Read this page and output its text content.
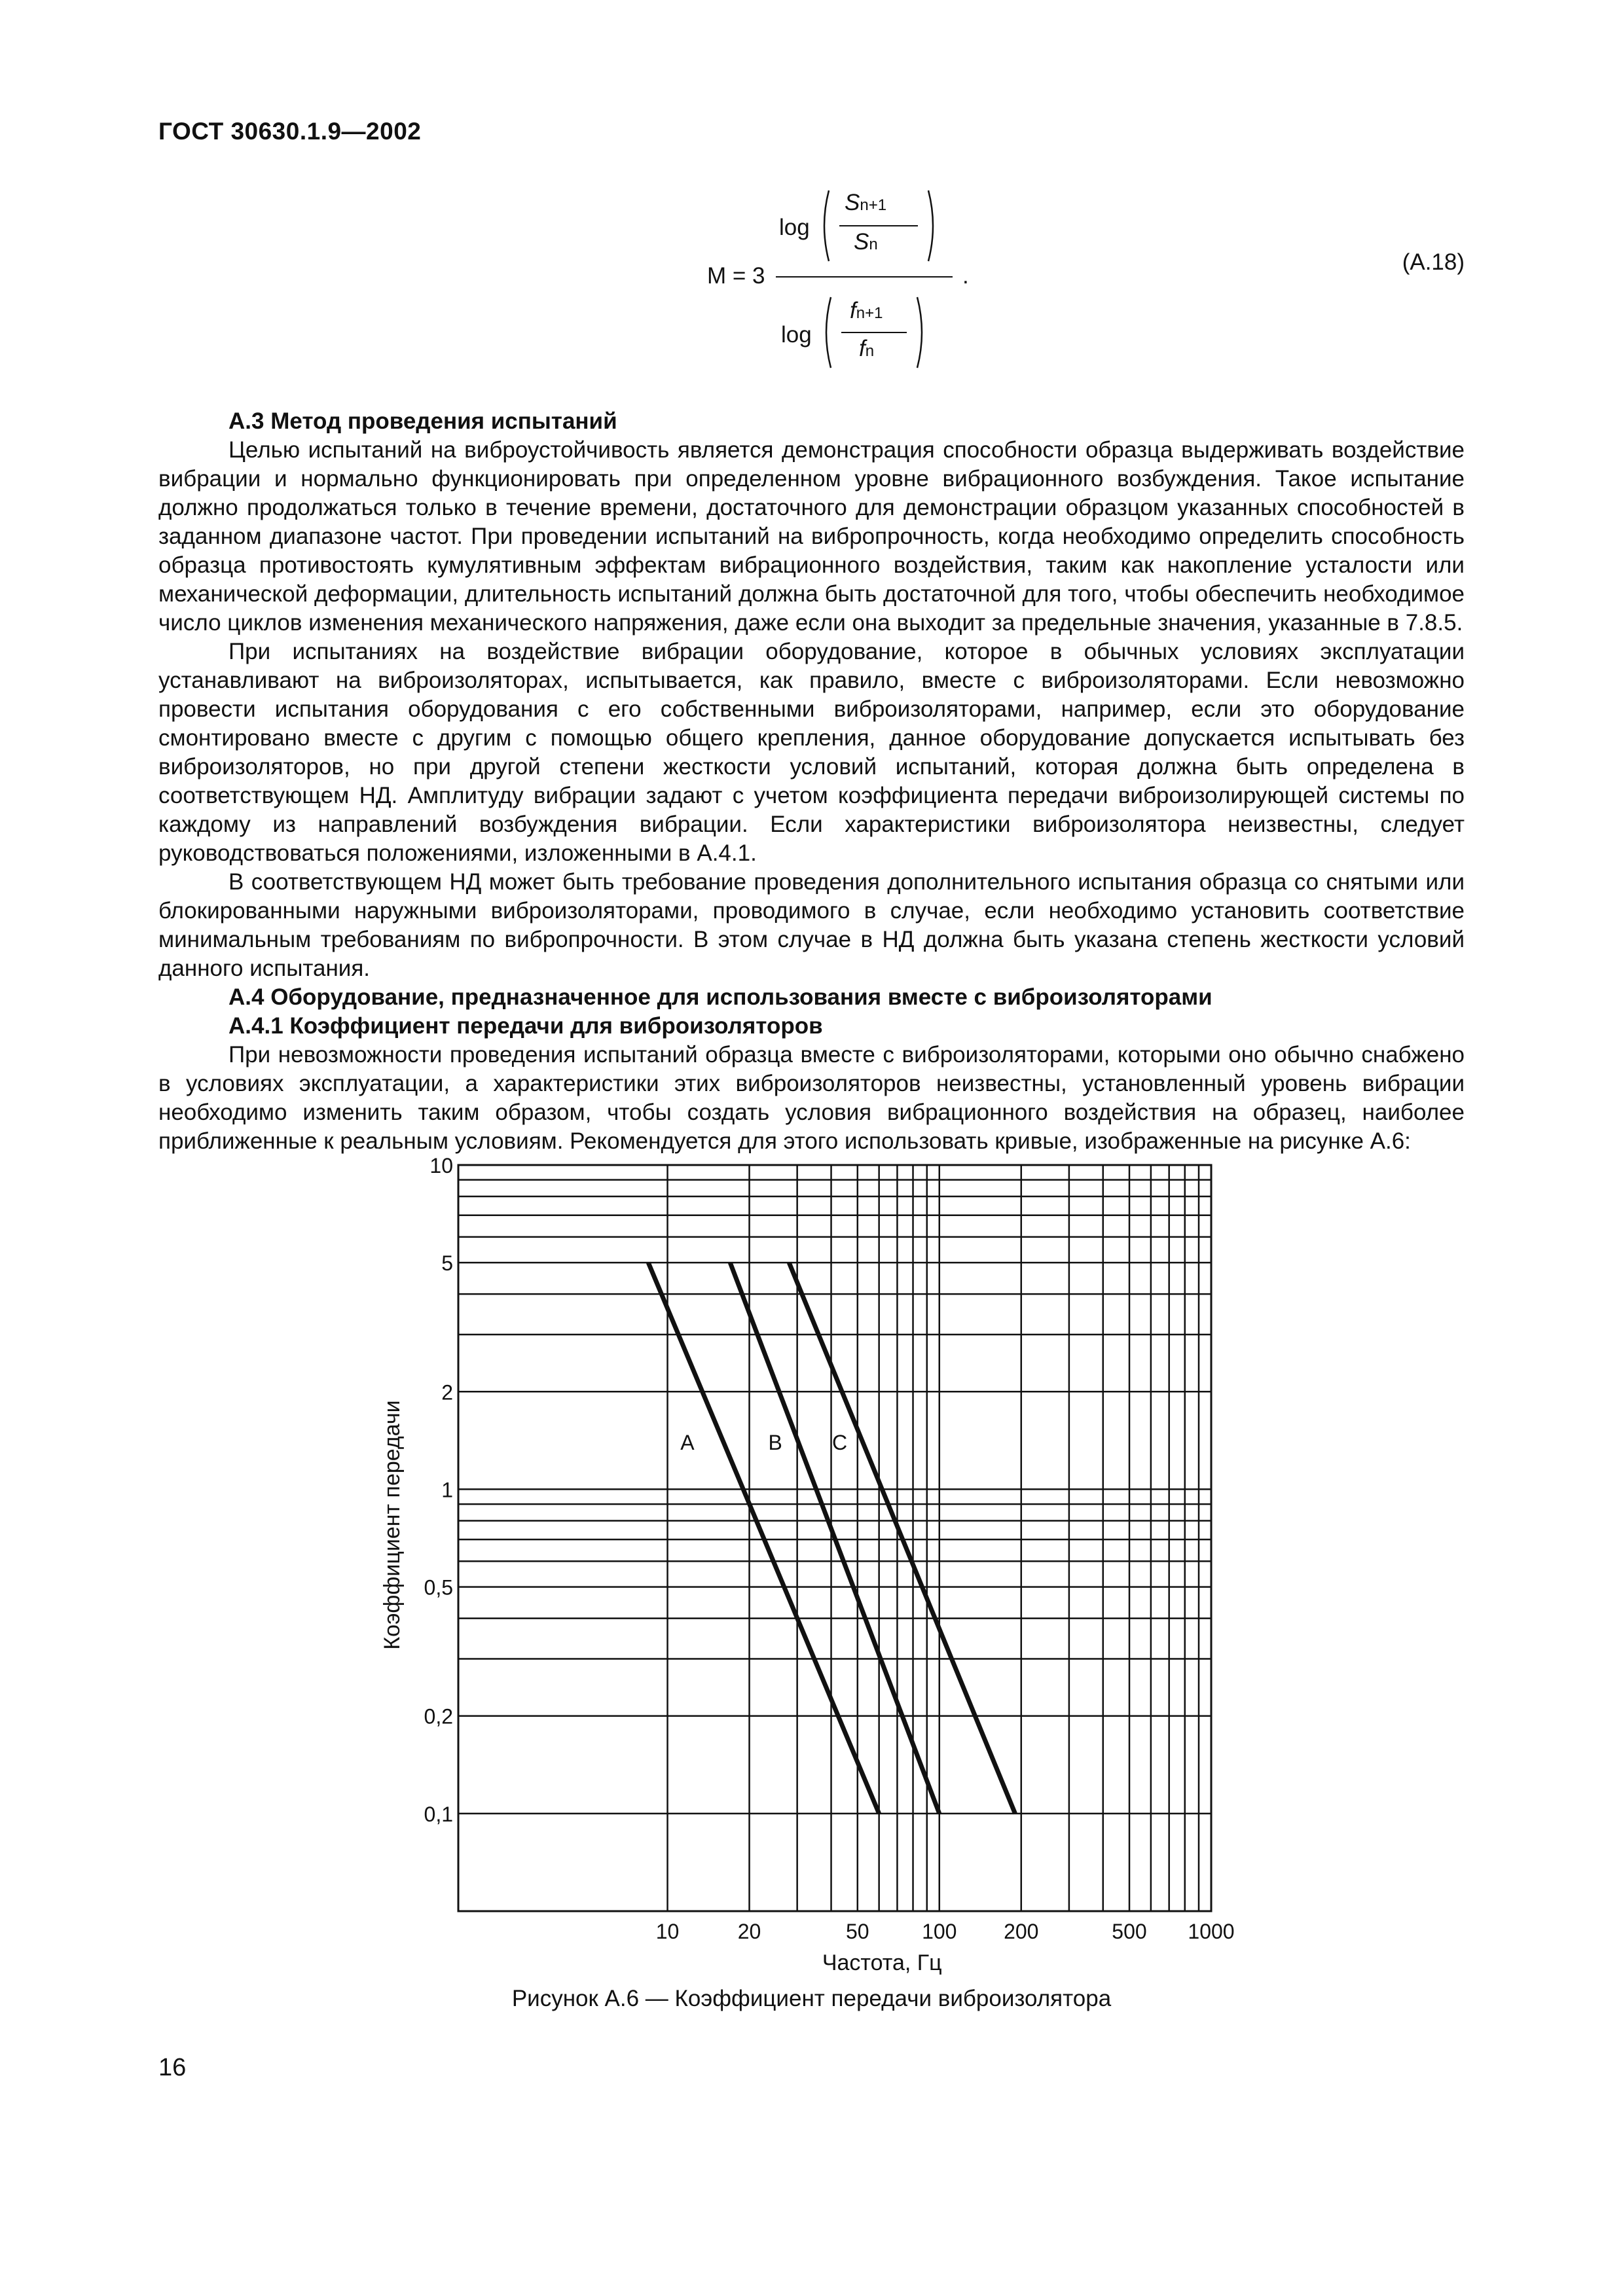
ГОСТ 30630.1.9—2002
M = 3	.
log
Sn+1
Sn
log
fn+1
fn
(A.18)

А.3 Метод проведения испытаний

Целью испытаний на виброустойчивость является демонстрация способности образца выдерживать воздействие вибрации и нормально функционировать при определенном уровне вибрационного возбуждения. Такое испытание должно продолжаться только в течение времени, достаточного для демонстрации образцом указанных способностей в заданном диапазоне частот. При проведении испытаний на вибропрочность, когда необходимо определить способность образца противостоять кумулятивным эффектам вибрационного воздействия, таким как накопление усталости или механической деформации, длительность испытаний должна быть достаточной для того, чтобы обеспечить необходимое число циклов изменения механического напряжения, даже если она выходит за предельные значения, указанные в 7.8.5.

При испытаниях на воздействие вибрации оборудование, которое в обычных условиях эксплуатации устанавливают на виброизоляторах, испытывается, как правило, вместе с виброизоляторами. Если невозможно провести испытания оборудования с его собственными виброизоляторами, например, если это оборудование смонтировано вместе с другим с помощью общего крепления, данное оборудование допускается испытывать без виброизоляторов, но при другой степени жесткости условий испытаний, которая должна быть определена в соответствующем НД. Амплитуду вибрации задают с учетом коэффициента передачи виброизолирующей системы по каждому из направлений возбуждения вибрации. Если характеристики виброизолятора неизвестны, следует руководствоваться положениями, изложенными в А.4.1.

В соответствующем НД может быть требование проведения дополнительного испытания образца со снятыми или блокированными наружными виброизоляторами, проводимого в случае, если необходимо установить соответствие минимальным требованиям по вибропрочности. В этом случае в НД должна быть указана степень жесткости условий данного испытания.

А.4 Оборудование, предназначенное для использования вместе с виброизоляторами

А.4.1 Коэффициент передачи для виброизоляторов

При невозможности проведения испытаний образца вместе с виброизоляторами, которыми оно обычно снабжено в условиях эксплуатации, а характеристики этих виброизоляторов неизвестны, установленный уровень вибрации необходимо изменить таким образом, чтобы создать условия вибрационного воздействия на образец, наиболее приближенные к реальным условиям. Рекомендуется для этого использовать кривые, изображенные на рисунке А.6:

10
5
2
1
0,5
0,2
0,1
10	20	50	100 200	500 1000
Частота, Гц
Коэффициент передачи	A	B C
Рисунок А.6 — Коэффициент передачи виброизолятора
16
